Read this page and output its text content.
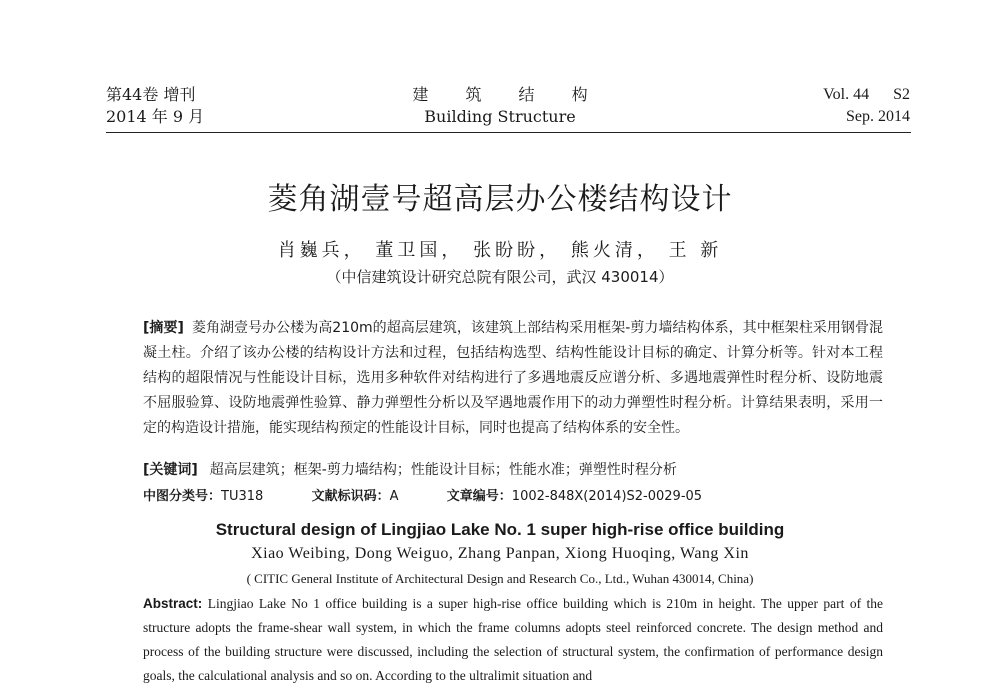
第44卷 增刊
2014 年 9 月
建 筑 结 构
Building Structure
Vol. 44 S2
Sep. 2014
菱角湖壹号超高层办公楼结构设计
肖巍兵， 董卫国， 张盼盼， 熊火清， 王 新
（中信建筑设计研究总院有限公司，武汉 430014）
[摘要] 菱角湖壹号办公楼为高210m的超高层建筑，该建筑上部结构采用框架-剪力墙结构体系，其中框架柱采用钢骨混凝土柱。介绍了该办公楼的结构设计方法和过程，包括结构选型、结构性能设计目标的确定、计算分析等。针对本工程结构的超限情况与性能设计目标，选用多种软件对结构进行了多遇地震反应谱分析、多遇地震弹性时程分析、设防地震不屈服验算、设防地震弹性验算、静力弹塑性分析以及罕遇地震作用下的动力弹塑性时程分析。计算结果表明，采用一定的构造设计措施，能实现结构预定的性能设计目标，同时也提高了结构体系的安全性。
[关键词] 超高层建筑；框架-剪力墙结构；性能设计目标；性能水准；弹塑性时程分析
中图分类号：TU318	文献标识码：A	文章编号：1002-848X(2014)S2-0029-05
Structural design of Lingjiao Lake No. 1 super high-rise office building
Xiao Weibing, Dong Weiguo, Zhang Panpan, Xiong Huoqing, Wang Xin
( CITIC General Institute of Architectural Design and Research Co., Ltd., Wuhan 430014, China)
Abstract: Lingjiao Lake No 1 office building is a super high-rise office building which is 210m in height. The upper part of the structure adopts the frame-shear wall system, in which the frame columns adopts steel reinforced concrete. The design method and process of the building structure were discussed, including the selection of structural system, the confirmation of performance design goals, the calculational analysis and so on. According to the ultralimit situation and
